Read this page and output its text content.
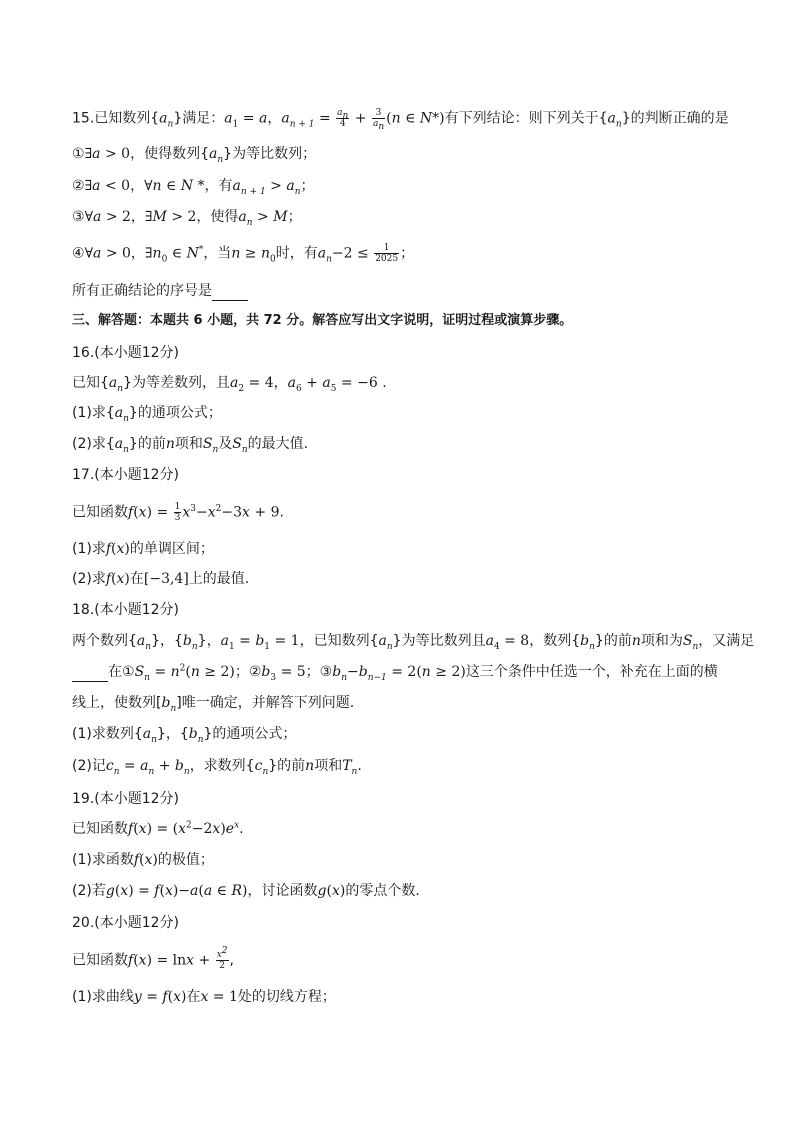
15.已知数列$\{a_n\}$满足：$a_1 = a$，$a_{n + 1} = \frac{a_n}{4} + \frac{3}{a_n} (n$ ∈ N*)有下列结论：则下列关于$\{a_n\}$的判断正确的是
①∃a > 0，使得数列$\{a_n\}$为等比数列；
②∃a < 0，∀n ∈ N *，有$a_{n + 1} > a_n$；
③∀a > 2，∃M > 2，使得$a_n > M$；
④∀a > 0，$\exists n_0$ ∈ N*，当$n \ge n_0$时，有$a_n-2 \le \frac{1}{2025}$ ；
所有正确结论的序号是
三、解答题：本题共 6 小题，共 72 分。解答应写出文字说明，证明过程或演算步骤。
16.(本小题12分)
已知$\{a_n\}$为等差数列，且$a_2 = 4$，$a_6 + a_5 = -6$ .
(1)求$\{a_n\}$的通项公式；
(2)求$\{a_n\}$的前n项和$S_n$及$S_n$的最大值.
17.(本小题12分)
已知函数$f(x) = \frac{1}{3} x^3-x^2-3x + 9$.
(1)求f(x)的单调区间；
(2)求f(x)在[−3,4]上的最值.
18.(本小题12分)
两个数列$\{a_n\}$，$\{b_n\}$，$a_1 = b_1 = 1$，已知数列$\{a_n\}$为等比数列且$a_4 = 8$，数列$\{b_n\}$的前n项和为$S_n$，又满足
在$①S_n = n^2(n \ge 2)$；$②b_3 = 5$；$③b_n-b_{n-1} = 2(n \ge 2)$这三个条件中任选一个，补充在上面的横
线上，使数列$[b_n]$唯一确定，并解答下列问题.
(1)求数列$\{a_n\}$，$\{b_n\}$的通项公式；
(2)记$c_n = a_n + b_n$，求数列$\{c_n\}$的前n项和$T_n$.
19.(本小题12分)
已知函数$f(x) = (x^2-2x)e^x$.
(1)求函数f(x)的极值；
(2)若g(x) = f(x)−a(a ∈ R)，讨论函数g(x)的零点个数.
20.(本小题12分)
已知函数$f(x) = \ln x + \frac{x^2}{2}$ ,
(1)求曲线y = f(x)在x = 1处的切线方程；
